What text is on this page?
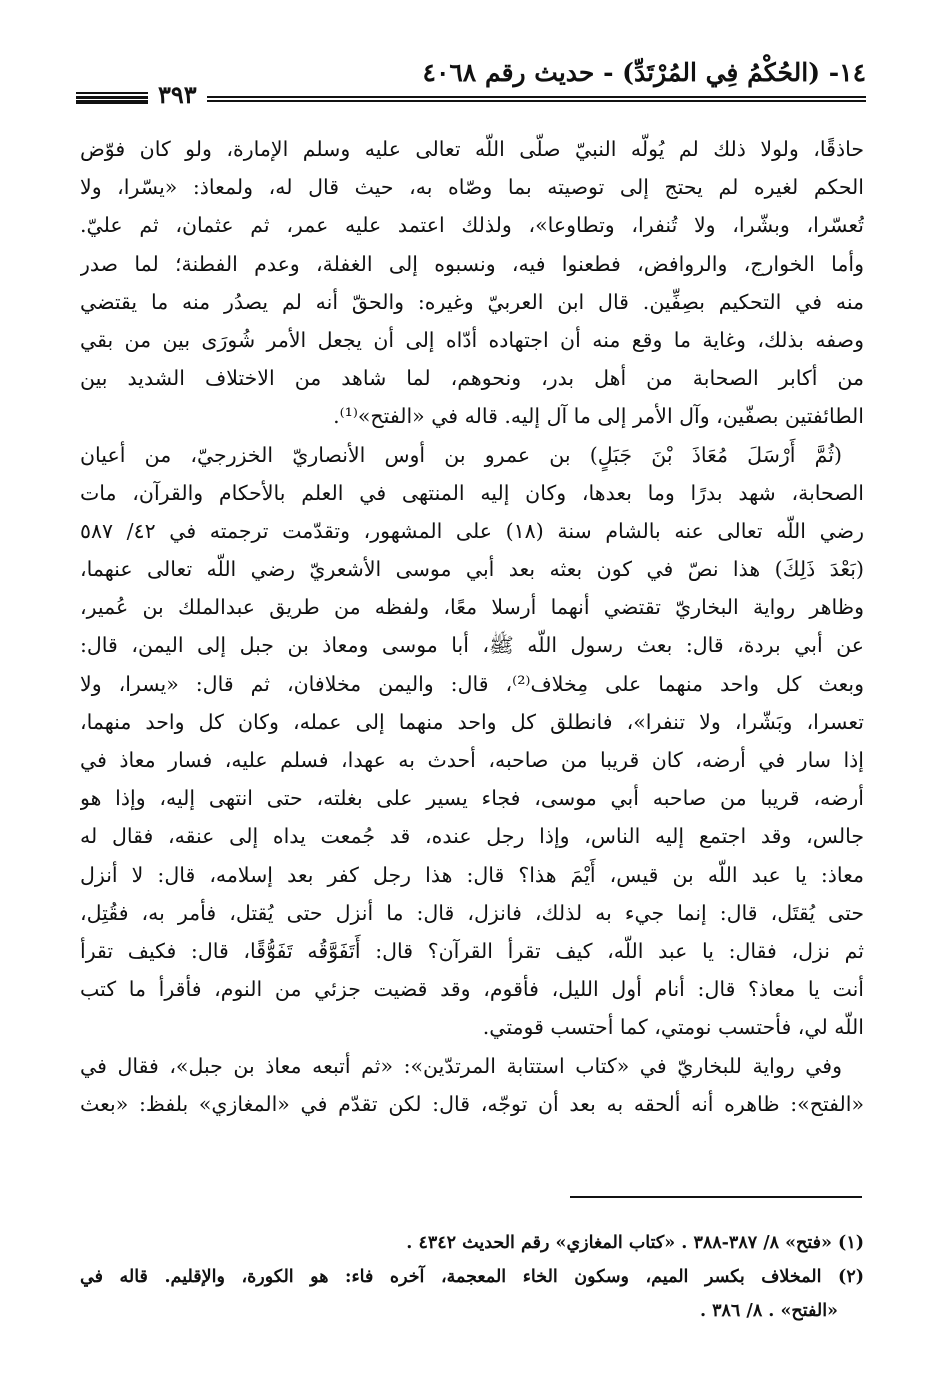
١٤- (الحُكْمُ فِي المُرْتَدِّ) - حديث رقم ٤٠٦٨
٣٩٣
حاذقًا، ولولا ذلك لم يُولّه النبيّ صلّى اللّه تعالى عليه وسلم الإمارة، ولو كان فوّض
الحكم لغيره لم يحتج إلى توصيته بما وصّاه به، حيث قال له، ولمعاذ: «يسّرا، ولا
تُعسّرا، وبشّرا، ولا تُنفرا، وتطاوعا»، ولذلك اعتمد عليه عمر، ثم عثمان، ثم عليّ.
وأما الخوارج، والروافض، فطعنوا فيه، ونسبوه إلى الغفلة، وعدم الفطنة؛ لما صدر
منه في التحكيم بصِفِّين. قال ابن العربيّ وغيره: والحقّ أنه لم يصدُر منه ما يقتضي
وصفه بذلك، وغاية ما وقع منه أن اجتهاده أدّاه إلى أن يجعل الأمر شُورَى بين من بقي
من أكابر الصحابة من أهل بدر، ونحوهم، لما شاهد من الاختلاف الشديد بين
الطائفتين بصفّين، وآل الأمر إلى ما آل إليه. قاله في «الفتح»⁽¹⁾.
(ثُمَّ أَرْسَلَ مُعَاذَ بْنَ جَبَلٍ) بن عمرو بن أوس الأنصاريّ الخزرجيّ، من أعيان
الصحابة، شهد بدرًا وما بعدها، وكان إليه المنتهى في العلم بالأحكام والقرآن، مات
رضي اللّه تعالى عنه بالشام سنة (١٨) على المشهور، وتقدّمت ترجمته في ٤٢/ ٥٨٧
(بَعْدَ ذَلِكَ) هذا نصّ في كون بعثه بعد أبي موسى الأشعريّ رضي اللّه تعالى عنهما،
وظاهر رواية البخاريّ تقتضي أنهما أرسلا معًا، ولفظه من طريق عبدالملك بن عُمير،
عن أبي بردة، قال: بعث رسول اللّه ﷺ، أبا موسى ومعاذ بن جبل إلى اليمن، قال:
وبعث كل واحد منهما على مِخلاف⁽²⁾، قال: واليمن مخلافان، ثم قال: «يسرا، ولا
تعسرا، وبَشّرا، ولا تنفرا»، فانطلق كل واحد منهما إلى عمله، وكان كل واحد منهما،
إذا سار في أرضه، كان قريبا من صاحبه، أحدث به عهدا، فسلم عليه، فسار معاذ في
أرضه، قريبا من صاحبه أبي موسى، فجاء يسير على بغلته، حتى انتهى إليه، وإذا هو
جالس، وقد اجتمع إليه الناس، وإذا رجل عنده، قد جُمعت يداه إلى عنقه، فقال له
معاذ: يا عبد اللّه بن قيس، أَيْمَ هذا؟ قال: هذا رجل كفر بعد إسلامه، قال: لا أنزل
حتى يُقتَل، قال: إنما جيء به لذلك، فانزل، قال: ما أنزل حتى يُقتل، فأمر به، فقُتِل،
ثم نزل، فقال: يا عبد اللّه، كيف تقرأ القرآن؟ قال: أَتَفَوَّقُه تَفَوُّقًا، قال: فكيف تقرأ
أنت يا معاذ؟ قال: أنام أول الليل، فأقوم، وقد قضيت جزئي من النوم، فأقرأ ما كتب
اللّه لي، فأحتسب نومتي، كما أحتسب قومتي.
وفي رواية للبخاريّ في «كتاب استتابة المرتدّين»: «ثم أتبعه معاذ بن جبل»، فقال في
«الفتح»: ظاهره أنه ألحقه به بعد أن توجّه، قال: لكن تقدّم في «المغازي» بلفظ: «بعث
(١) «فتح» ٨/ ٣٨٧-٣٨٨ . «كتاب المغازي» رقم الحديث ٤٣٤٢ .
(٢) المخلاف بكسر الميم، وسكون الخاء المعجمة، آخره فاء: هو الكورة، والإقليم. قاله في
«الفتح» . ٨/ ٣٨٦ .
